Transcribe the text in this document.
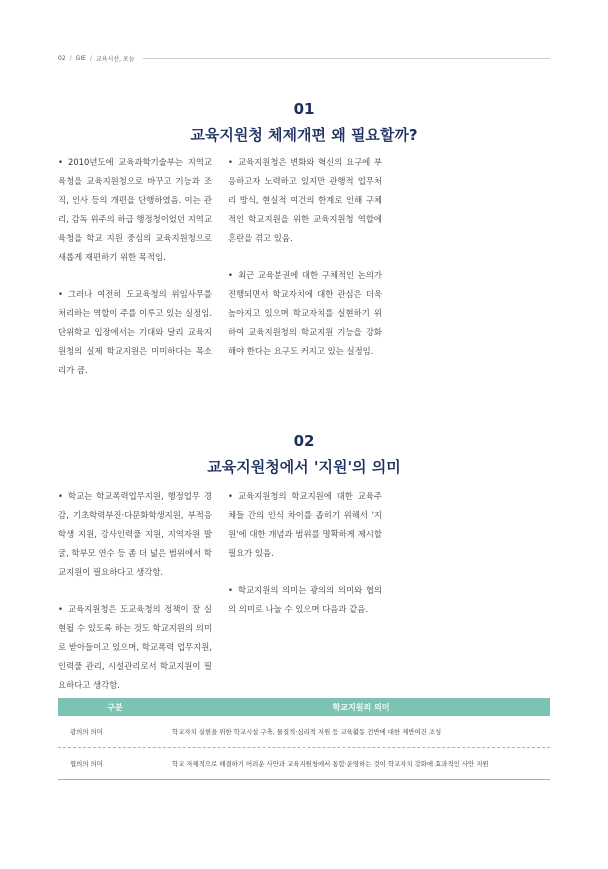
02 / GIE / 교육시선, 포늠
01
교육지원청 체제개편 왜 필요할까?

• 2010년도에 교육과학기술부는 지역교육청을 교육지원청으로 바꾸고 기능과 조직, 인사 등의 개편을 단행하였음. 이는 관리, 감독 위주의 하급 행정청이었던 지역교육청을 학교 지원 중심의 교육지원청으로 새롭게 재편하기 위한 목적임.

• 그러나 여전히 도교육청의 위임사무를 처리하는 역할이 주를 이루고 있는 실정임. 단위학교 입장에서는 기대와 달리 교육지원청의 실제 학교지원은 미미하다는 목소리가 큼.

• 교육지원청은 변화와 혁신의 요구에 부응하고자 노력하고 있지만 관행적 업무처리 방식, 현실적 여건의 한계로 인해 구체적인 학교지원을 위한 교육지원청 역할에 혼란을 겪고 있음.

• 최근 교육분권에 대한 구체적인 논의가 진행되면서 학교자치에 대한 관심은 더욱 높아지고 있으며 학교자치를 실현하기 위하여 교육지원청의 학교지원 기능을 강화해야 한다는 요구도 커지고 있는 실정임.

02
교육지원청에서 '지원'의 의미

• 학교는 학교폭력업무지원, 행정업무 경감, 기초학력부진·다문화학생지원, 부적응학생 지원, 강사인력풀 지원, 지역자원 발굴, 학부모 연수 등 좀 더 넓은 범위에서 학교지원이 필요하다고 생각함.

• 교육지원청은 도교육청의 정책이 잘 실현될 수 있도록 하는 것도 학교지원의 의미로 받아들이고 있으며, 학교폭력 업무지원, 인력풀 관리, 시설관리로서 학교지원이 필요하다고 생각함.

• 교육지원청의 학교지원에 대한 교육주체들 간의 인식 차이를 좁히기 위해서 '지원'에 대한 개념과 범위를 명확하게 제시할 필요가 있음.

• 학교지원의 의미는 광의의 의미와 협의의 의미로 나눌 수 있으며 다음과 같음.

구분	학교지원의 의미
광의의 의미	학교자치 실현을 위한 학교시설 구축, 물질적·심리적 지원 등 교육활동 전반에 대한 제반여건 조성
협의의 의미	학교 자체적으로 해결하기 어려운 사안과 교육지원청에서 통합·운영하는 것이 학교자치 강화에 효과적인 사안 지원
